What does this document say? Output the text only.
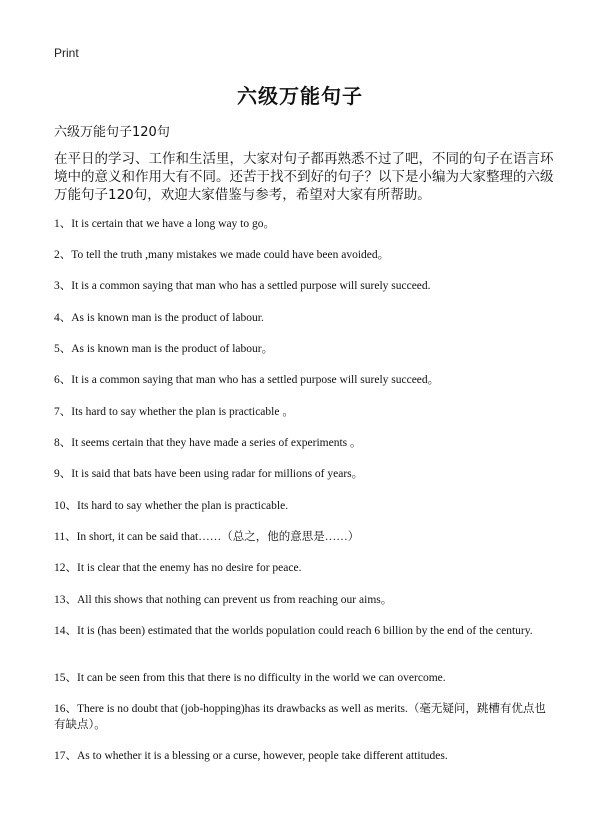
Print
六级万能句子
六级万能句子120句

在平日的学习、工作和生活里，大家对句子都再熟悉不过了吧，不同的句子在语言环境中的意义和作用大有不同。还苦于找不到好的句子？以下是小编为大家整理的六级万能句子120句，欢迎大家借鉴与参考，希望对大家有所帮助。

1、It is certain that we have a long way to go。
2、To tell the truth ,many mistakes we made could have been avoided。
3、It is a common saying that man who has a settled purpose will surely succeed.
4、As is known man is the product of labour.
5、As is known man is the product of labour。
6、It is a common saying that man who has a settled purpose will surely succeed。
7、Its hard to say whether the plan is practicable 。
8、It seems certain that they have made a series of experiments 。
9、It is said that bats have been using radar for millions of years。
10、Its hard to say whether the plan is practicable.
11、In short, it can be said that……（总之，他的意思是……）
12、It is clear that the enemy has no desire for peace.
13、All this shows that nothing can prevent us from reaching our aims。
14、It is (has been) estimated that the worlds population could reach 6 billion by the end of the century.
15、It can be seen from this that there is no difficulty in the world we can overcome.
16、There is no doubt that (job-hopping)has its drawbacks as well as merits.（毫无疑问，跳槽有优点也有缺点）。
17、As to whether it is a blessing or a curse, however, people take different attitudes.
